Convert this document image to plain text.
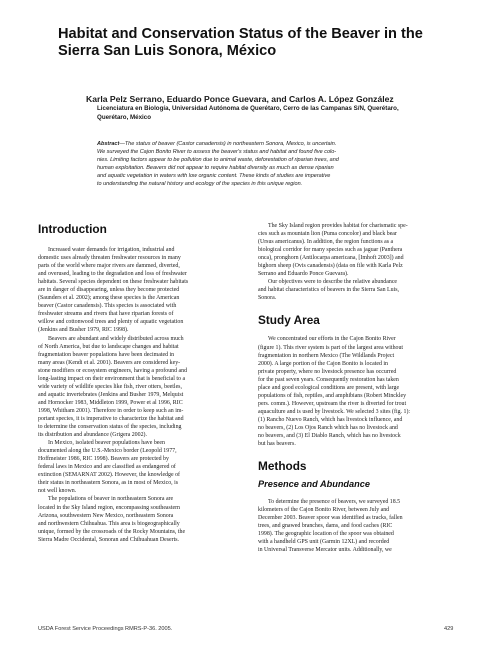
Habitat and Conservation Status of the Beaver in the
Sierra San Luis Sonora, México
Karla Pelz Serrano, Eduardo Ponce Guevara, and Carlos A. López González
Licenciatura en Biología, Universidad Autónoma de Querétaro, Cerro de las Campanas S/N, Querétaro,
Querétaro, México
Abstract—The status of beaver (Castor canadensis) in northeastern Sonora, Mexico, is uncertain.
We surveyed the Cajon Bonito River to assess the beaver's status and habitat and found five colo-
nies. Limiting factors appear to be pollution due to animal waste, deforestation of riparian trees, and
human exploitation. Beavers did not appear to require habitat diversity as much as dense riparian
and aquatic vegetation in waters with low organic content. These kinds of studies are imperative
to understanding the natural history and ecology of the species in this unique region.
Introduction
Increased water demands for irrigation, industrial and
domestic uses already threaten freshwater resources in many
parts of the world where major rivers are dammed, diverted,
and overused, leading to the degradation and loss of freshwater
habitats. Several species dependent on these freshwater habitats
are in danger of disappearing, unless they become protected
(Saunders et al. 2002); among these species is the American
beaver (Castor canadensis). This species is associated with
freshwater streams and rivers that have riparian forests of
willow and cottonwood trees and plenty of aquatic vegetation
(Jenkins and Busher 1979, RIC 1998).
Beavers are abundant and widely distributed across much
of North America, but due to landscape changes and habitat
fragmentation beaver populations have been decimated in
many areas (Kendi et al. 2001). Beavers are considered key-
stone modifiers or ecosystem engineers, having a profound and
long-lasting impact on their environment that is beneficial to a
wide variety of wildlife species like fish, river otters, beetles,
and aquatic invertebrates (Jenkins and Busher 1979, Melquist
and Hornocker 1983, Middleton 1999, Power et al 1996, RIC
1998, Whitham 2001). Therefore in order to keep such an im-
portant species, it is imperative to characterize the habitat and
to determine the conservation status of the species, including
its distribution and abundance (Grigera 2002).
In Mexico, isolated beaver populations have been
documented along the U.S.-Mexico border (Leopold 1977,
Hoffmeister 1986, RIC 1998). Beavers are protected by
federal laws in Mexico and are classified as endangered of
extinction (SEMARNAT 2002). However, the knowledge of
their status in northeastern Sonora, as in most of Mexico, is
not well known.
The populations of beaver in northeastern Sonora are
located in the Sky Island region, encompassing southeastern
Arizona, southwestern New Mexico, northeastern Sonora
and northwestern Chihuahua. This area is biogeographically
unique, formed by the crossroads of the Rocky Mountains, the
Sierra Madre Occidental, Sonoran and Chihuahuan Deserts.
The Sky Island region provides habitat for charismatic spe-
cies such as mountain lion (Puma concolor) and black bear
(Ursus americanus). In addition, the region functions as a
biological corridor for many species such as jaguar (Panthera
onca), pronghorn (Antilocarpa americana, [Imhoft 2003]) and
bighorn sheep (Ovis canadensis) (data on file with Karla Pelz
Serrano and Eduardo Ponce Guevara).
Our objectives were to describe the relative abundance
and habitat characteristics of beavers in the Sierra San Luis,
Sonora.
Study Area
We concentrated our efforts in the Cajon Bonito River
(figure 1). This river system is part of the largest area without
fragmentation in northern Mexico (The Wildlands Project
2000). A large portion of the Cajon Bonito is located in
private property, where no livestock presence has occurred
for the past seven years. Consequently restoration has taken
place and good ecological conditions are present, with large
populations of fish, reptiles, and amphibians (Robert Minckley
pers. comm.). However, upstream the river is diverted for trout
aquaculture and is used by livestock. We selected 3 sites (fig. 1):
(1) Rancho Nuevo Ranch, which has livestock influence, and
no beavers, (2) Los Ojos Ranch which has no livestock and
no beavers, and (3) El Diablo Ranch, which has no livestock
but has beavers.
Methods
Presence and Abundance
To determine the presence of beavers, we surveyed 18.5
kilometers of the Cajon Bonito River, between July and
December 2003. Beaver spoor was identified as tracks, fallen
trees, and gnawed branches, dams, and food caches (RIC
1998). The geographic location of the spoor was obtained
with a handheld GPS unit (Garmin 12XL) and recorded
in Universal Transverse Mercator units. Additionally, we
USDA Forest Service Proceedings RMRS-P-36. 2005.	429
